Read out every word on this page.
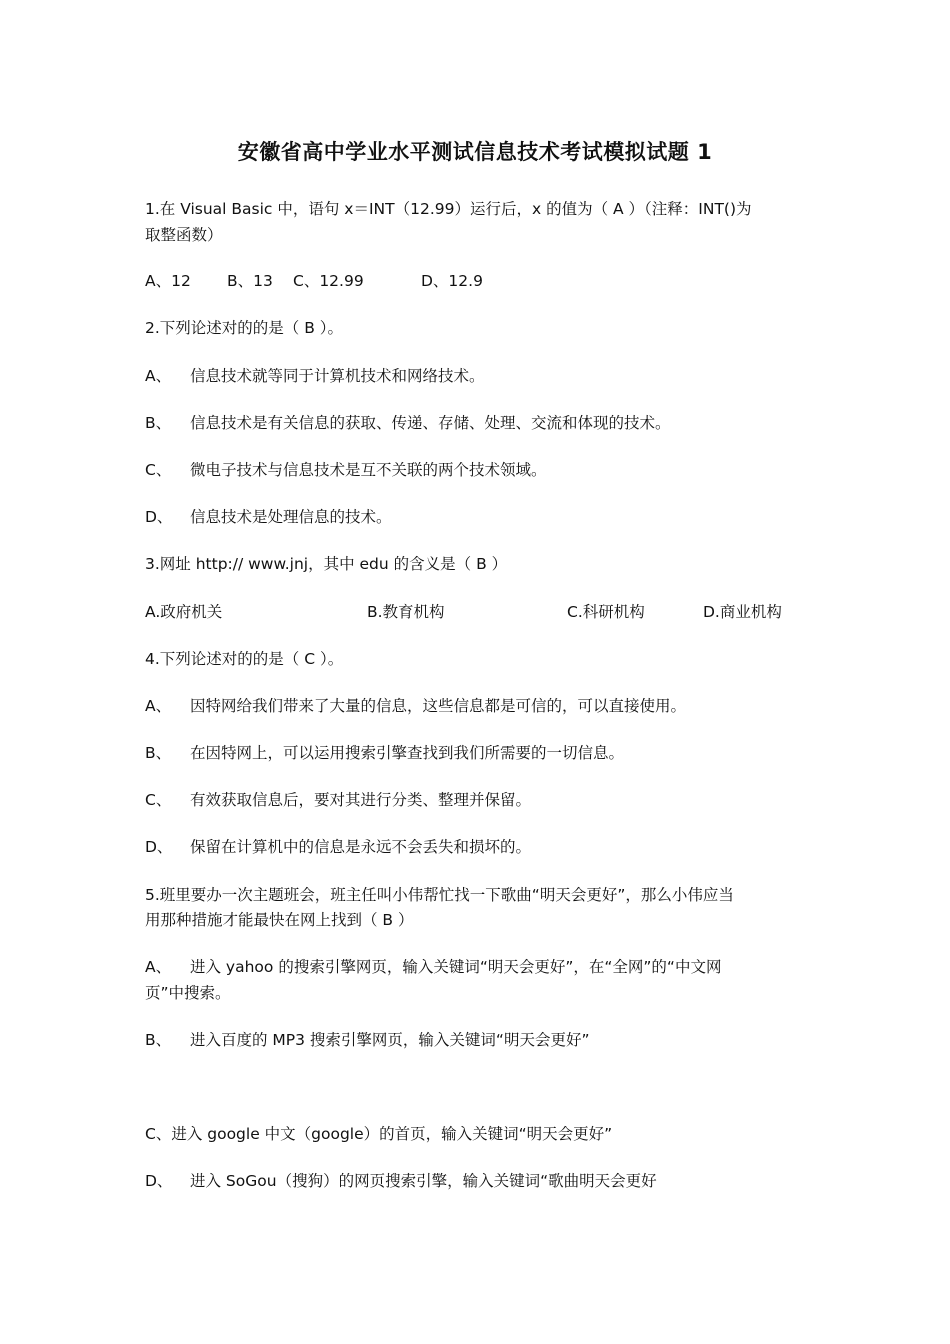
安徽省高中学业水平测试信息技术考试模拟试题 1
1.在 Visual Basic 中，语句 x＝INT（12.99）运行后，x 的值为（ A ）（注释：INT()为
取整函数）
A、12 B、13 C、12.99	D、12.9
2.下列论述对的的是（ B ）。
A、 信息技术就等同于计算机技术和网络技术。
B、 信息技术是有关信息的获取、传递、存储、处理、交流和体现的技术。
C、 微电子技术与信息技术是互不关联的两个技术领域。
D、 信息技术是处理信息的技术。
3.网址 http:// www.jnj，其中 edu 的含义是（ B ）
A.政府机关	B.教育机构	C.科研机构	D.商业机构
4.下列论述对的的是（ C ）。
A、 因特网给我们带来了大量的信息，这些信息都是可信的，可以直接使用。
B、 在因特网上，可以运用搜索引擎查找到我们所需要的一切信息。
C、 有效获取信息后，要对其进行分类、整理并保留。
D、 保留在计算机中的信息是永远不会丢失和损坏的。
5.班里要办一次主题班会，班主任叫小伟帮忙找一下歌曲“明天会更好”，那么小伟应当
用那种措施才能最快在网上找到（ B ）
A、 进入 yahoo 的搜索引擎网页，输入关键词“明天会更好”，在“全网”的“中文网
页”中搜索。
B、 进入百度的 MP3 搜索引擎网页，输入关键词“明天会更好”
C、进入 google 中文（google）的首页，输入关键词“明天会更好”
D、 进入 SoGou（搜狗）的网页搜索引擎，输入关键词“歌曲明天会更好
